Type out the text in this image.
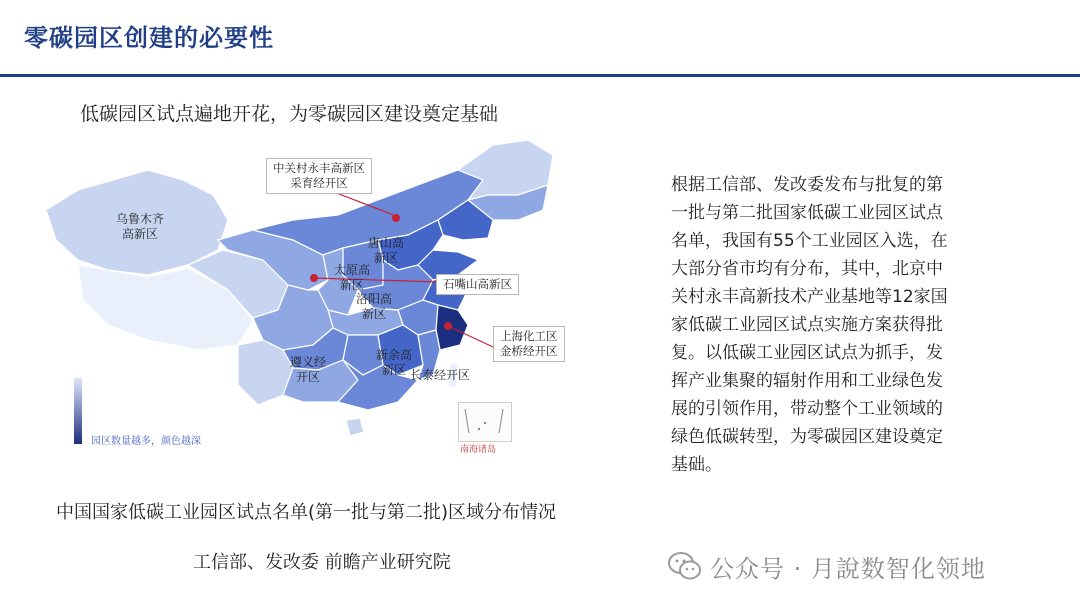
零碳园区创建的必要性
低碳园区试点遍地开花，为零碳园区建设奠定基础
乌鲁木齐
高新区
唐山高
新区
太原高
新区
洛阳高
新区
遵义经
开区
新余高
新区 长泰经开区
中关村永丰高新区
采育经开区
石嘴山高新区
上海化工区
金桥经开区
园区数量越多，颜色越深
南海诸岛
中国国家低碳工业园区试点名单(第一批与第二批)区域分布情况
工信部、发改委 前瞻产业研究院
根据工信部、发改委发布与批复的第
一批与第二批国家低碳工业园区试点
名单，我国有55个工业园区入选，在
大部分省市均有分布，其中，北京中
关村永丰高新技术产业基地等12家国
家低碳工业园区试点实施方案获得批
复。以低碳工业园区试点为抓手，发
挥产业集聚的辐射作用和工业绿色发
展的引领作用，带动整个工业领域的
绿色低碳转型，为零碳园区建设奠定
基础。
公众号 · 月說数智化领地
